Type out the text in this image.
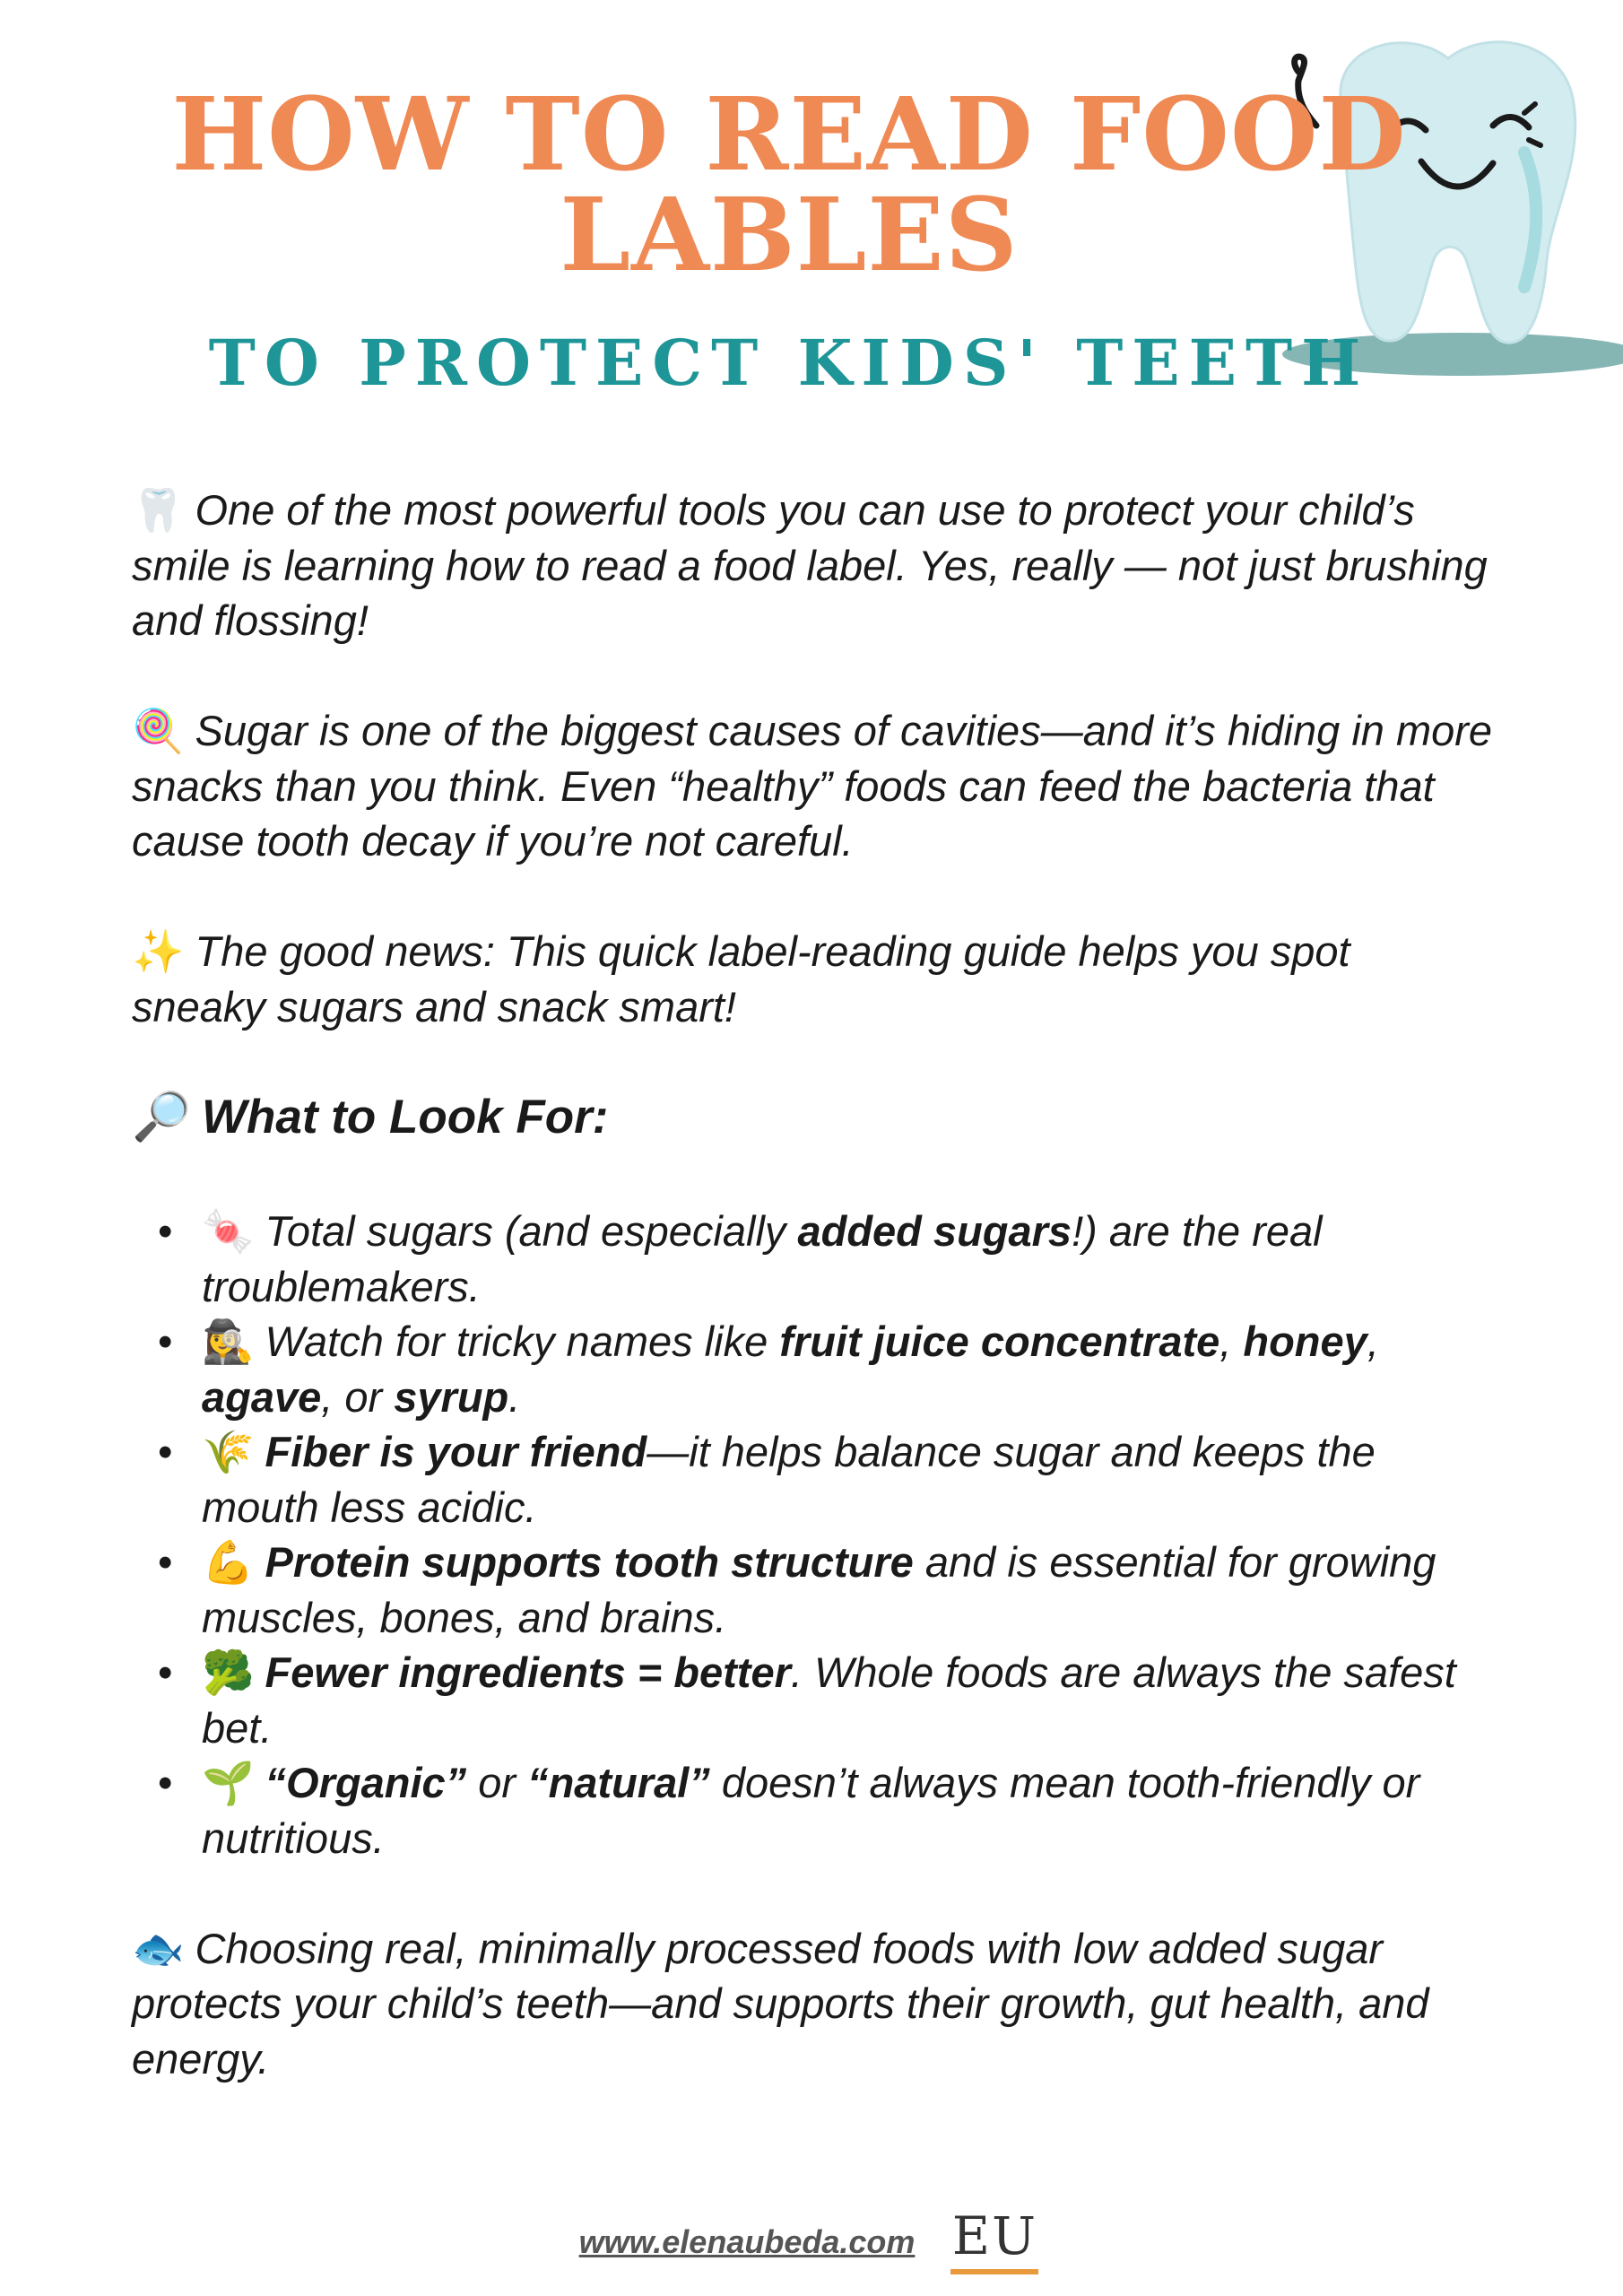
HOW TO READ FOOD
LABLES
TO PROTECT KIDS' TEETH

🦷 One of the most powerful tools you can use to protect your child’s smile is learning how to read a food label. Yes, really — not just brushing and flossing!

🍭 Sugar is one of the biggest causes of cavities—and it’s hiding in more snacks than you think. Even “healthy” foods can feed the bacteria that cause tooth decay if you’re not careful.

✨ The good news: This quick label-reading guide helps you spot sneaky sugars and snack smart!

🔎 What to Look For:
• 🍬 Total sugars (and especially added sugars!) are the real troublemakers.
• 🕵️‍♀️ Watch for tricky names like fruit juice concentrate, honey, agave, or syrup.
• 🌾 Fiber is your friend—it helps balance sugar and keeps the mouth less acidic.
• 💪 Protein supports tooth structure and is essential for growing muscles, bones, and brains.
• 🥦 Fewer ingredients = better. Whole foods are always the safest bet.
• 🌱 “Organic” or “natural” doesn’t always mean tooth-friendly or nutritious.

🐟 Choosing real, minimally processed foods with low added sugar protects your child’s teeth—and supports their growth, gut health, and energy.

www.elenaubeda.com EU
